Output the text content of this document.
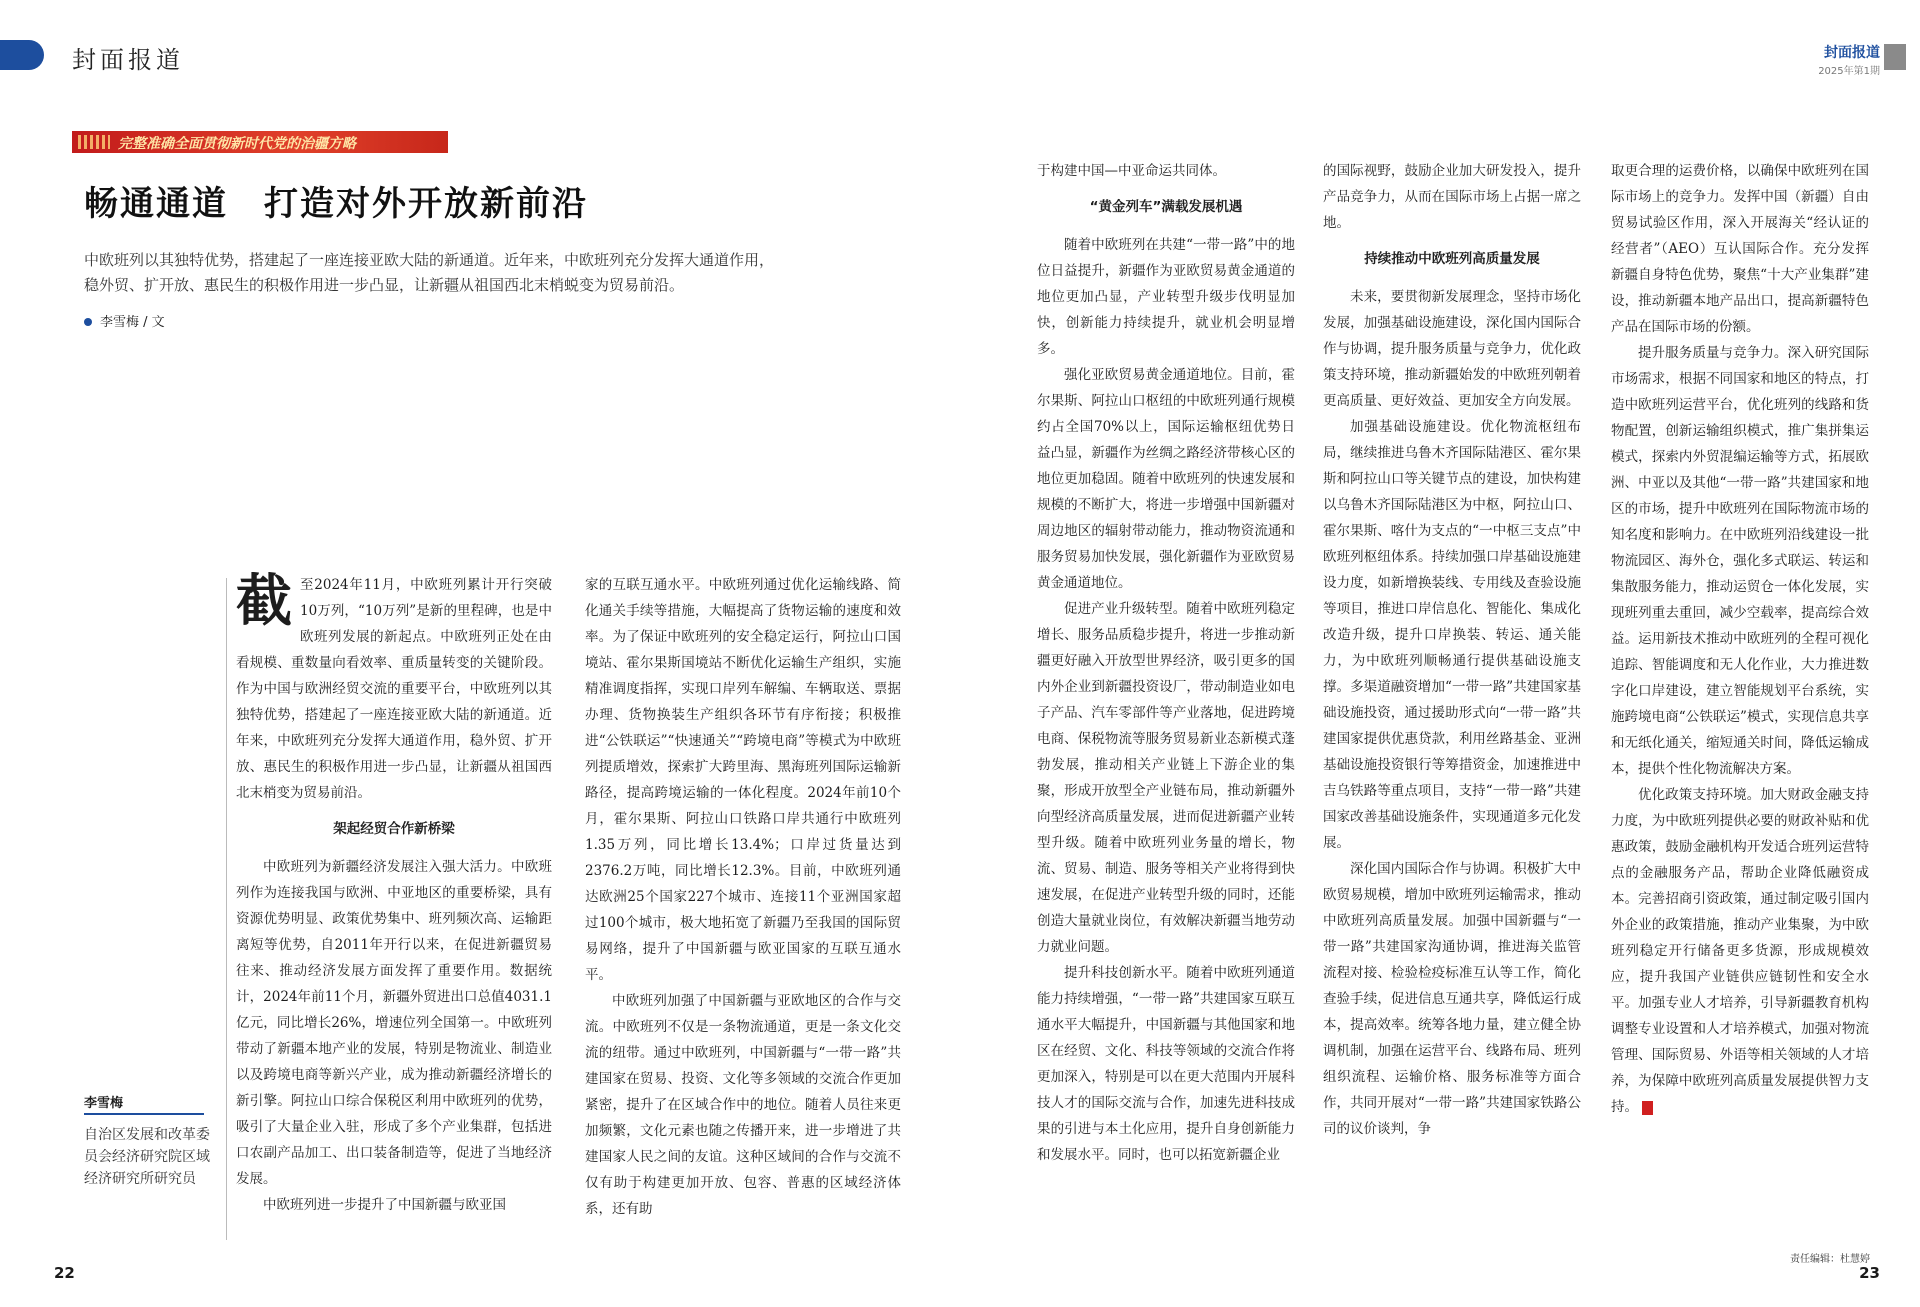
封面报道	封面报道
2025年第1期
完整准确全面贯彻新时代党的治疆方略
畅通通道　打造对外开放新前沿
中欧班列以其独特优势，搭建起了一座连接亚欧大陆的新通道。近年来，中欧班列充分发挥大通道作用，稳外贸、扩开放、惠民生的积极作用进一步凸显，让新疆从祖国西北末梢蜕变为贸易前沿。
李雪梅 / 文
李雪梅
自治区发展和改革委员会经济研究院区域经济研究所研究员

截至2024年11月，中欧班列累计开行突破10万列，“10万列”是新的里程碑，也是中欧班列发展的新起点。中欧班列正处在由看规模、重数量向看效率、重质量转变的关键阶段。作为中国与欧洲经贸交流的重要平台，中欧班列以其独特优势，搭建起了一座连接亚欧大陆的新通道。近年来，中欧班列充分发挥大通道作用，稳外贸、扩开放、惠民生的积极作用进一步凸显，让新疆从祖国西北末梢变为贸易前沿。

架起经贸合作新桥梁

中欧班列为新疆经济发展注入强大活力。中欧班列作为连接我国与欧洲、中亚地区的重要桥梁，具有资源优势明显、政策优势集中、班列频次高、运输距离短等优势，自2011年开行以来，在促进新疆贸易往来、推动经济发展方面发挥了重要作用。数据统计，2024年前11个月，新疆外贸进出口总值4031.1亿元，同比增长26%，增速位列全国第一。中欧班列带动了新疆本地产业的发展，特别是物流业、制造业以及跨境电商等新兴产业，成为推动新疆经济增长的新引擎。阿拉山口综合保税区利用中欧班列的优势，吸引了大量企业入驻，形成了多个产业集群，包括进口农副产品加工、出口装备制造等，促进了当地经济发展。

中欧班列进一步提升了中国新疆与欧亚国

家的互联互通水平。中欧班列通过优化运输线路、简化通关手续等措施，大幅提高了货物运输的速度和效率。为了保证中欧班列的安全稳定运行，阿拉山口国境站、霍尔果斯国境站不断优化运输生产组织，实施精准调度指挥，实现口岸列车解编、车辆取送、票据办理、货物换装生产组织各环节有序衔接；积极推进“公铁联运”“快速通关”“跨境电商”等模式为中欧班列提质增效，探索扩大跨里海、黑海班列国际运输新路径，提高跨境运输的一体化程度。2024年前10个月，霍尔果斯、阿拉山口铁路口岸共通行中欧班列1.35万列，同比增长13.4%；口岸过货量达到2376.2万吨，同比增长12.3%。目前，中欧班列通达欧洲25个国家227个城市、连接11个亚洲国家超过100个城市，极大地拓宽了新疆乃至我国的国际贸易网络，提升了中国新疆与欧亚国家的互联互通水平。

中欧班列加强了中国新疆与亚欧地区的合作与交流。中欧班列不仅是一条物流通道，更是一条文化交流的纽带。通过中欧班列，中国新疆与“一带一路”共建国家在贸易、投资、文化等多领域的交流合作更加紧密，提升了在区域合作中的地位。随着人员往来更加频繁，文化元素也随之传播开来，进一步增进了共建国家人民之间的友谊。这种区域间的合作与交流不仅有助于构建更加开放、包容、普惠的区域经济体系，还有助

于构建中国—中亚命运共同体。

“黄金列车”满载发展机遇

随着中欧班列在共建“一带一路”中的地位日益提升，新疆作为亚欧贸易黄金通道的地位更加凸显，产业转型升级步伐明显加快，创新能力持续提升，就业机会明显增多。

强化亚欧贸易黄金通道地位。目前，霍尔果斯、阿拉山口枢纽的中欧班列通行规模约占全国70%以上，国际运输枢纽优势日益凸显，新疆作为丝绸之路经济带核心区的地位更加稳固。随着中欧班列的快速发展和规模的不断扩大，将进一步增强中国新疆对周边地区的辐射带动能力，推动物资流通和服务贸易加快发展，强化新疆作为亚欧贸易黄金通道地位。

促进产业升级转型。随着中欧班列稳定增长、服务品质稳步提升，将进一步推动新疆更好融入开放型世界经济，吸引更多的国内外企业到新疆投资设厂，带动制造业如电子产品、汽车零部件等产业落地，促进跨境电商、保税物流等服务贸易新业态新模式蓬勃发展，推动相关产业链上下游企业的集聚，形成开放型全产业链布局，推动新疆外向型经济高质量发展，进而促进新疆产业转型升级。随着中欧班列业务量的增长，物流、贸易、制造、服务等相关产业将得到快速发展，在促进产业转型升级的同时，还能创造大量就业岗位，有效解决新疆当地劳动力就业问题。

提升科技创新水平。随着中欧班列通道能力持续增强，“一带一路”共建国家互联互通水平大幅提升，中国新疆与其他国家和地区在经贸、文化、科技等领域的交流合作将更加深入，特别是可以在更大范围内开展科技人才的国际交流与合作，加速先进科技成果的引进与本土化应用，提升自身创新能力和发展水平。同时，也可以拓宽新疆企业

的国际视野，鼓励企业加大研发投入，提升产品竞争力，从而在国际市场上占据一席之地。

持续推动中欧班列高质量发展

未来，要贯彻新发展理念，坚持市场化发展，加强基础设施建设，深化国内国际合作与协调，提升服务质量与竞争力，优化政策支持环境，推动新疆始发的中欧班列朝着更高质量、更好效益、更加安全方向发展。

加强基础设施建设。优化物流枢纽布局，继续推进乌鲁木齐国际陆港区、霍尔果斯和阿拉山口等关键节点的建设，加快构建以乌鲁木齐国际陆港区为中枢，阿拉山口、霍尔果斯、喀什为支点的“一中枢三支点”中欧班列枢纽体系。持续加强口岸基础设施建设力度，如新增换装线、专用线及查验设施等项目，推进口岸信息化、智能化、集成化改造升级，提升口岸换装、转运、通关能力，为中欧班列顺畅通行提供基础设施支撑。多渠道融资增加“一带一路”共建国家基础设施投资，通过援助形式向“一带一路”共建国家提供优惠贷款，利用丝路基金、亚洲基础设施投资银行等筹措资金，加速推进中吉乌铁路等重点项目，支持“一带一路”共建国家改善基础设施条件，实现通道多元化发展。

深化国内国际合作与协调。积极扩大中欧贸易规模，增加中欧班列运输需求，推动中欧班列高质量发展。加强中国新疆与“一带一路”共建国家沟通协调，推进海关监管流程对接、检验检疫标准互认等工作，简化查验手续，促进信息互通共享，降低运行成本，提高效率。统筹各地力量，建立健全协调机制，加强在运营平台、线路布局、班列组织流程、运输价格、服务标准等方面合作，共同开展对“一带一路”共建国家铁路公司的议价谈判，争

取更合理的运费价格，以确保中欧班列在国际市场上的竞争力。发挥中国（新疆）自由贸易试验区作用，深入开展海关“经认证的经营者”（AEO）互认国际合作。充分发挥新疆自身特色优势，聚焦“十大产业集群”建设，推动新疆本地产品出口，提高新疆特色产品在国际市场的份额。

提升服务质量与竞争力。深入研究国际市场需求，根据不同国家和地区的特点，打造中欧班列运营平台，优化班列的线路和货物配置，创新运输组织模式，推广集拼集运模式，探索内外贸混编运输等方式，拓展欧洲、中亚以及其他“一带一路”共建国家和地区的市场，提升中欧班列在国际物流市场的知名度和影响力。在中欧班列沿线建设一批物流园区、海外仓，强化多式联运、转运和集散服务能力，推动运贸仓一体化发展，实现班列重去重回，减少空载率，提高综合效益。运用新技术推动中欧班列的全程可视化追踪、智能调度和无人化作业，大力推进数字化口岸建设，建立智能规划平台系统，实施跨境电商“公铁联运”模式，实现信息共享和无纸化通关，缩短通关时间，降低运输成本，提供个性化物流解决方案。

优化政策支持环境。加大财政金融支持力度，为中欧班列提供必要的财政补贴和优惠政策，鼓励金融机构开发适合班列运营特点的金融服务产品，帮助企业降低融资成本。完善招商引资政策，通过制定吸引国内外企业的政策措施，推动产业集聚，为中欧班列稳定开行储备更多货源，形成规模效应，提升我国产业链供应链韧性和安全水平。加强专业人才培养，引导新疆教育机构调整专业设置和人才培养模式，加强对物流管理、国际贸易、外语等相关领域的人才培养，为保障中欧班列高质量发展提供智力支持。

责任编辑：杜慧婷
22	23
